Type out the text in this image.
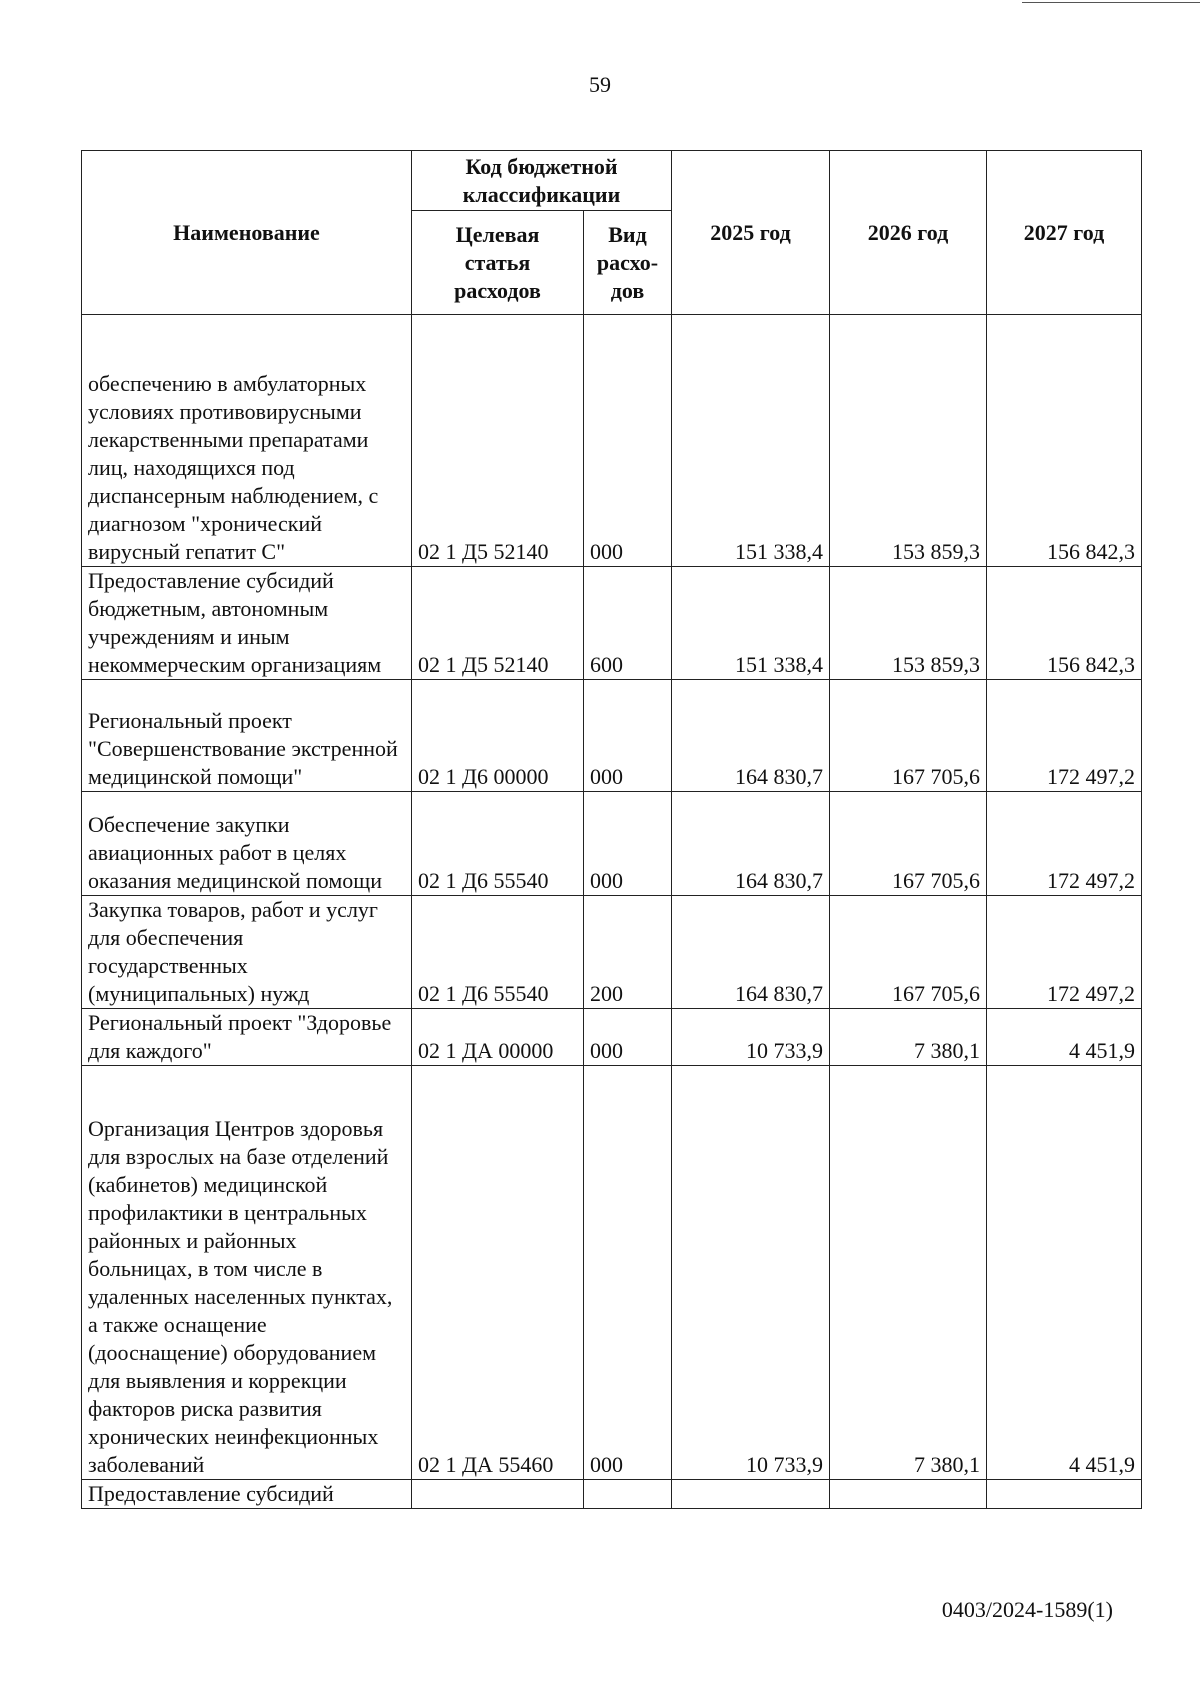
59
Наименование	Код бюджетной классификации		2025 год	2026 год	2027 год
	Целевая статья расходов	Вид расхо-дов			
обеспечению в амбулаторных условиях противовирусными лекарственными препаратами лиц, находящихся под диспансерным наблюдением, с диагнозом "хронический вирусный гепатит С"	02 1 Д5 52140	000	151 338,4	153 859,3	156 842,3
Предоставление субсидий бюджетным, автономным учреждениям и иным некоммерческим организациям	02 1 Д5 52140	600	151 338,4	153 859,3	156 842,3
Региональный проект "Совершенствование экстренной медицинской помощи"	02 1 Д6 00000	000	164 830,7	167 705,6	172 497,2
Обеспечение закупки авиационных работ в целях оказания медицинской помощи	02 1 Д6 55540	000	164 830,7	167 705,6	172 497,2
Закупка товаров, работ и услуг для обеспечения государственных (муниципальных) нужд	02 1 Д6 55540	200	164 830,7	167 705,6	172 497,2
Региональный проект "Здоровье для каждого"	02 1 ДА 00000	000	10 733,9	7 380,1	4 451,9
Организация Центров здоровья для взрослых на базе отделений (кабинетов) медицинской профилактики в центральных районных и районных больницах, в том числе в удаленных населенных пунктах, а также оснащение (дооснащение) оборудованием для выявления и коррекции факторов риска развития хронических неинфекционных заболеваний	02 1 ДА 55460	000	10 733,9	7 380,1	4 451,9
Предоставление субсидий					
0403/2024-1589(1)
